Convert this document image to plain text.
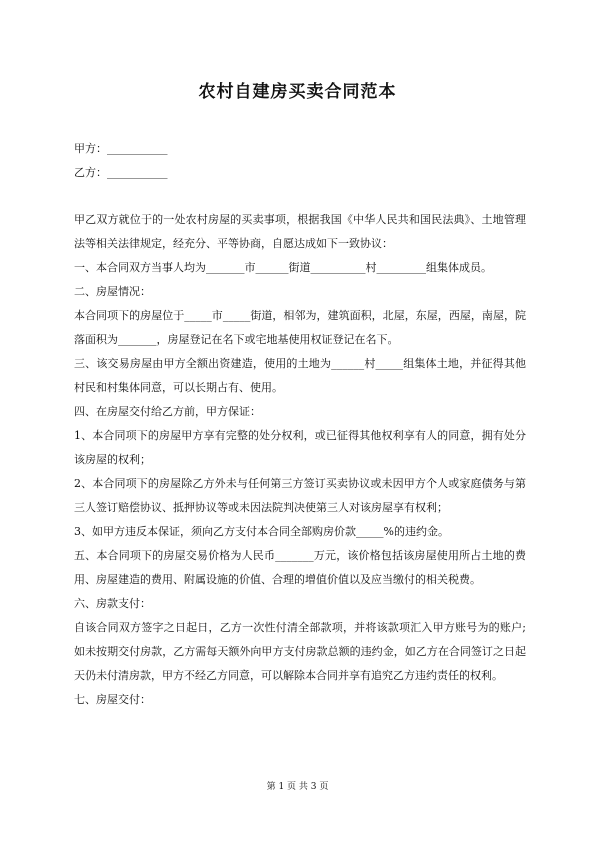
农村自建房买卖合同范本
甲方：___________
乙方：___________

甲乙双方就位于的一处农村房屋的买卖事项，根据我国《中华人民共和国民法典》、土地管理法等相关法律规定，经充分、平等协商，自愿达成如下一致协议：

一、本合同双方当事人均为_______市______街道__________村_________组集体成员。

二、房屋情况：

本合同项下的房屋位于_____市_____街道，相邻为，建筑面积，北屋，东屋，西屋，南屋，院落面积为_______，房屋登记在名下或宅地基使用权证登记在名下。

三、该交易房屋由甲方全额出资建造，使用的土地为______村_____组集体土地，并征得其他村民和村集体同意，可以长期占有、使用。

四、在房屋交付给乙方前，甲方保证：

1、本合同项下的房屋甲方享有完整的处分权利，或已征得其他权利享有人的同意，拥有处分该房屋的权利；

2、本合同项下的房屋除乙方外未与任何第三方签订买卖协议或未因甲方个人或家庭债务与第三人签订赔偿协议、抵押协议等或未因法院判决使第三人对该房屋享有权利；

3、如甲方违反本保证，须向乙方支付本合同全部购房价款_____%的违约金。

五、本合同项下的房屋交易价格为人民币_______万元，该价格包括该房屋使用所占土地的费用、房屋建造的费用、附属设施的价值、合理的增值价值以及应当缴付的相关税费。

六、房款支付：

自该合同双方签字之日起日，乙方一次性付清全部款项，并将该款项汇入甲方账号为的账户;如未按期交付房款，乙方需每天额外向甲方支付房款总额的违约金，如乙方在合同签订之日起天仍未付清房款，甲方不经乙方同意，可以解除本合同并享有追究乙方违约责任的权利。

七、房屋交付：

第 1 页 共 3 页
